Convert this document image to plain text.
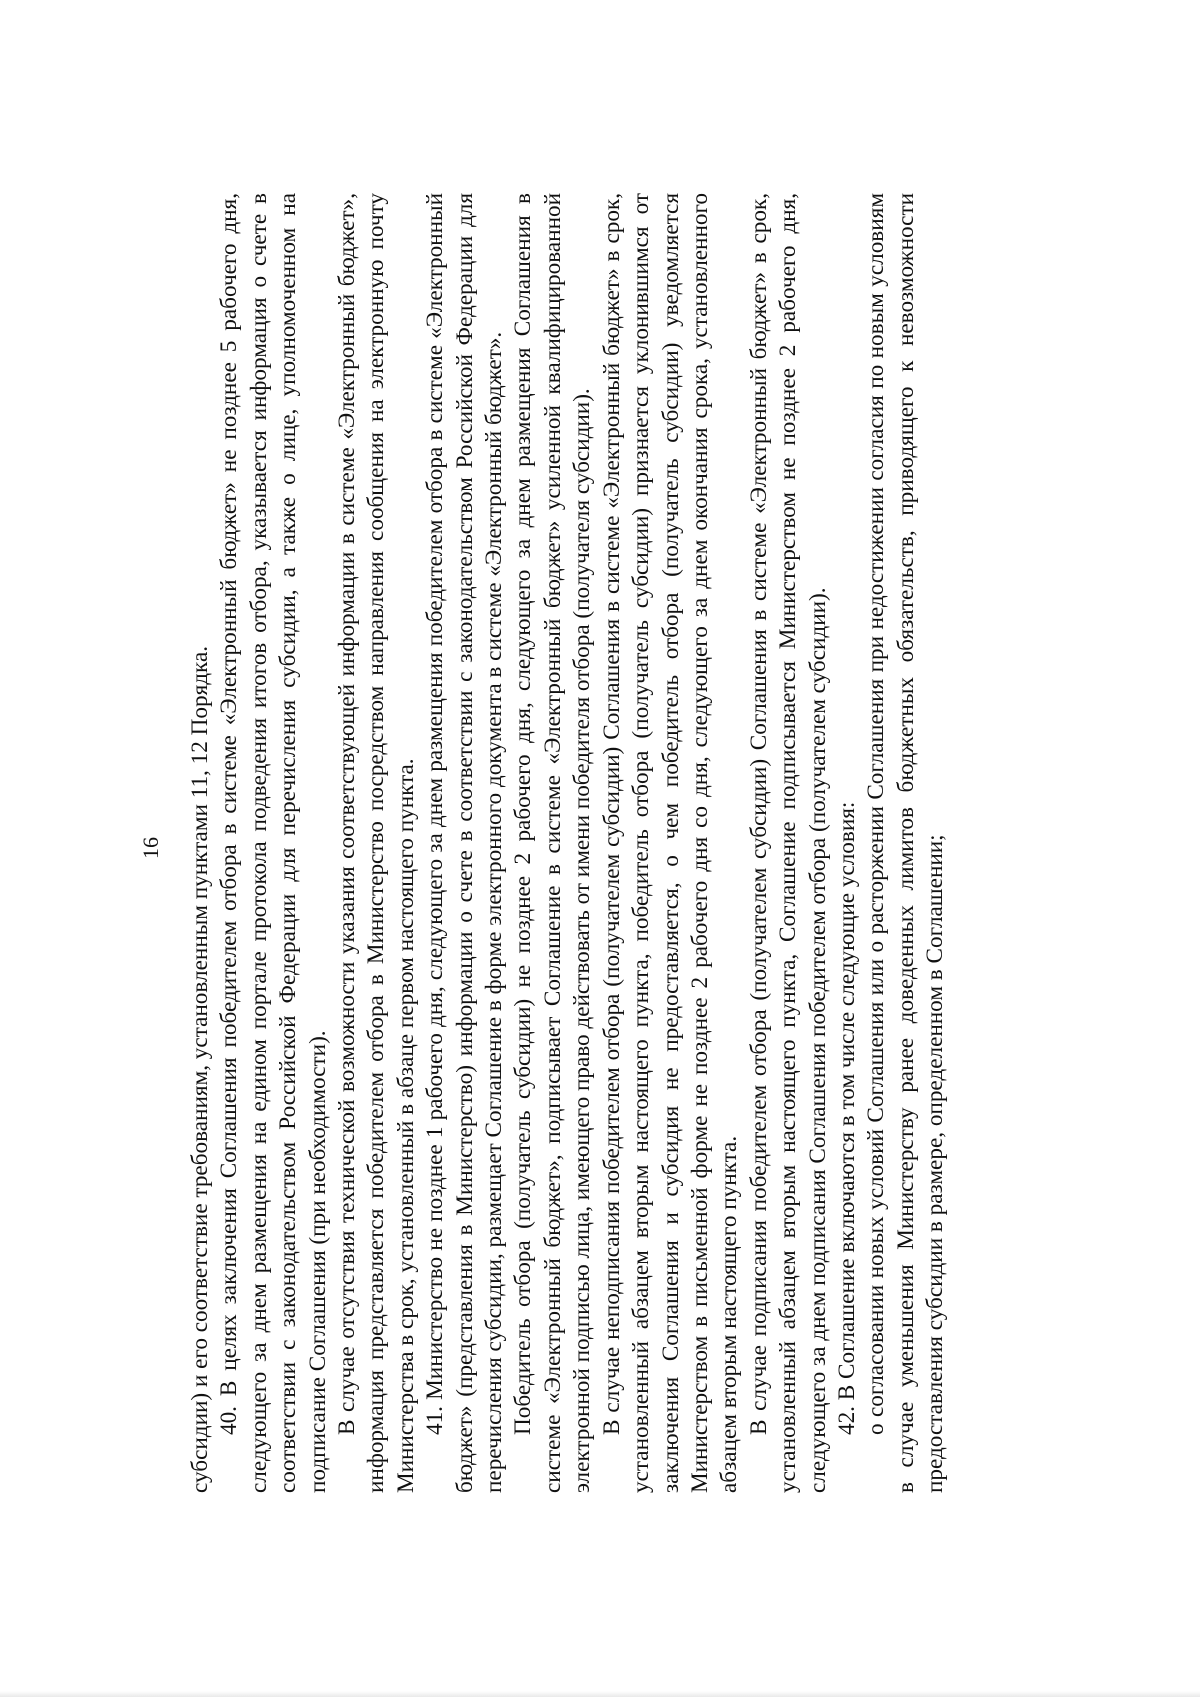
16 субсидии) и его соответствие требованиям, установленным пунктами 11, 12 Порядка. 40. В целях заключения Соглашения победителем отбора в системе «Электронный бюджет» не позднее 5 рабочего дня, следующего за днем размещения на едином портале протокола подведения итогов отбора, указывается информация о счете в соответствии с законодательством Российской Федерации для перечисления субсидии, а также о лице, уполномоченном на подписание Соглашения (при необходимости). В случае отсутствия технической возможности указания соответствующей информации в системе «Электронный бюджет», информация представляется победителем отбора в Министерство посредством направления сообщения на электронную почту Министерства в срок, установленный в абзаце первом настоящего пункта. 41. Министерство не позднее 1 рабочего дня, следующего за днем размещения победителем отбора в системе «Электронный бюджет» (представления в Министерство) информации о счете в соответствии с законодательством Российской Федерации для перечисления субсидии, размещает Соглашение в форме электронного документа в системе «Электронный бюджет». Победитель отбора (получатель субсидии) не позднее 2 рабочего дня, следующего за днем размещения Соглашения в системе «Электронный бюджет», подписывает Соглашение в системе «Электронный бюджет» усиленной квалифицированной электронной подписью лица, имеющего право действовать от имени победителя отбора (получателя субсидии). В случае неподписания победителем отбора (получателем субсидии) Соглашения в системе «Электронный бюджет» в срок, установленный абзацем вторым настоящего пункта, победитель отбора (получатель субсидии) признается уклонившимся от заключения Соглашения и субсидия не предоставляется, о чем победитель отбора (получатель субсидии) уведомляется Министерством в письменной форме не позднее 2 рабочего дня со дня, следующего за днем окончания срока, установленного абзацем вторым настоящего пункта. В случае подписания победителем отбора (получателем субсидии) Соглашения в системе «Электронный бюджет» в срок, установленный абзацем вторым настоящего пункта, Соглашение подписывается Министерством не позднее 2 рабочего дня, следующего за днем подписания Соглашения победителем отбора (получателем субсидии). 42. В Соглашение включаются в том числе следующие условия: о согласовании новых условий Соглашения или о расторжении Соглашения при недостижении согласия по новым условиям в случае уменьшения Министерству ранее доведенных лимитов бюджетных обязательств, приводящего к невозможности предоставления субсидии в размере, определенном в Соглашении;
